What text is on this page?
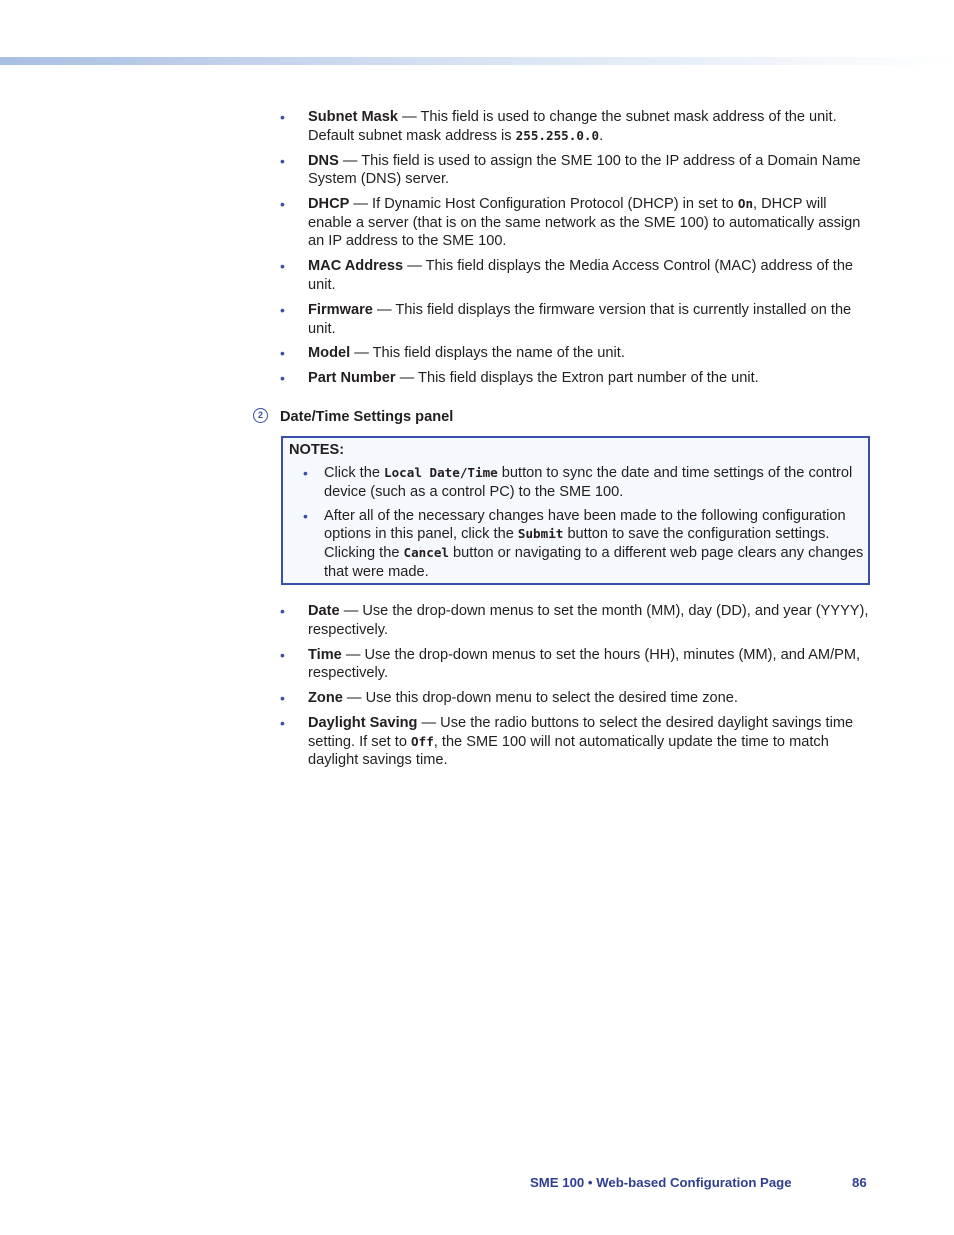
• Subnet Mask — This field is used to change the subnet mask address of the unit. Default subnet mask address is 255.255.0.0.
• DNS — This field is used to assign the SME 100 to the IP address of a Domain Name System (DNS) server.
• DHCP — If Dynamic Host Configuration Protocol (DHCP) in set to On, DHCP will enable a server (that is on the same network as the SME 100) to automatically assign an IP address to the SME 100.
• MAC Address — This field displays the Media Access Control (MAC) address of the unit.
• Firmware — This field displays the firmware version that is currently installed on the unit.
• Model — This field displays the name of the unit.
• Part Number — This field displays the Extron part number of the unit.
2	Date/Time Settings panel
NOTES:
• Click the Local Date/Time button to sync the date and time settings of the control device (such as a control PC) to the SME 100.
• After all of the necessary changes have been made to the following configuration options in this panel, click the Submit button to save the configuration settings. Clicking the Cancel button or navigating to a different web page clears any changes that were made.
• Date — Use the drop-down menus to set the month (MM), day (DD), and year (YYYY), respectively.
• Time — Use the drop-down menus to set the hours (HH), minutes (MM), and AM/PM, respectively.
• Zone — Use this drop-down menu to select the desired time zone.
• Daylight Saving — Use the radio buttons to select the desired daylight savings time setting. If set to Off, the SME 100 will not automatically update the time to match daylight savings time.
SME 100 • Web-based Configuration Page	86
